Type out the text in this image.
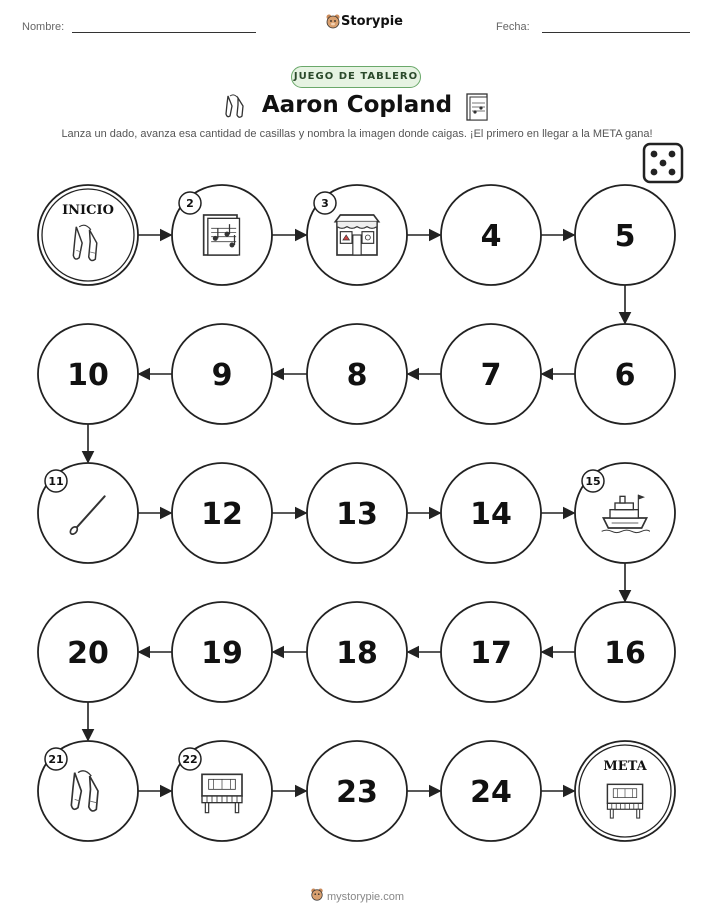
Nombre:	Storypie	Fecha:
JUEGO DE TABLERO
Aaron Copland
Lanza un dado, avanza esa cantidad de casillas y nombra la imagen donde caigas. ¡El primero en llegar a la META gana!
INICIO	2	3
4	5
6
7
8
9
10
11
12	13	14
15
16
17
18
19
20
21	22
23	24
META
mystorypie.com
